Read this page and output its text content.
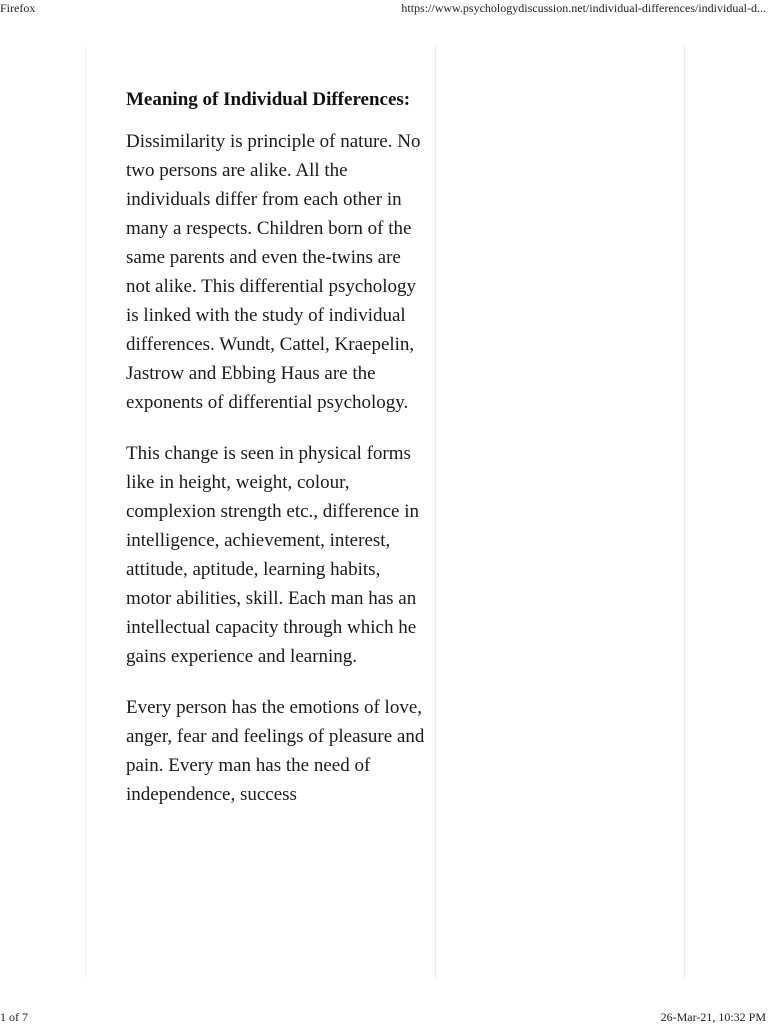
Firefox	https://www.psychologydiscussion.net/individual-differences/individual-d...
Meaning of Individual Differences:

Dissimilarity is principle of nature. No two persons are alike. All the individuals differ from each other in many a respects. Children born of the same parents and even the-twins are not alike. This differential psychology is linked with the study of individual differences. Wundt, Cattel, Kraepelin, Jastrow and Ebbing Haus are the exponents of differential psychology.

This change is seen in physical forms like in height, weight, colour, complexion strength etc., difference in intelligence, achievement, interest, attitude, aptitude, learning habits, motor abilities, skill. Each man has an intellectual capacity through which he gains experience and learning.

Every person has the emotions of love, anger, fear and feelings of pleasure and pain. Every man has the need of independence, success

1 of 7	26-Mar-21, 10:32 PM
